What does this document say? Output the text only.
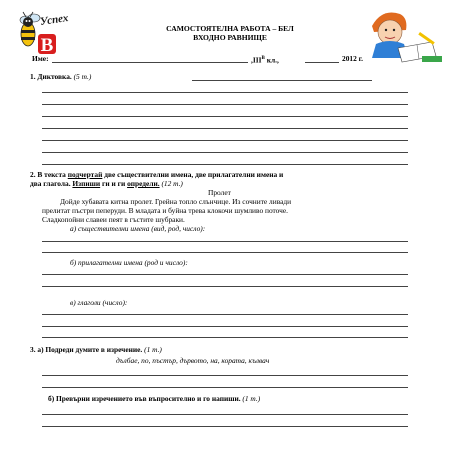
B
Успех
САМОСТОЯТЕЛНА РАБОТА – БЕЛ
ВХОДНО РАВНИЩЕ
Име:	$,III^В$ кл.,	2012 г.
1. Диктовка. (5 т.)
2. В текста подчертай две съществителни имена, две прилагателни имена и
два глагола. Изпиши ги и ги определи. (12 т.)
Пролет
Дойде хубавата китна пролет. Грейна топло слънчице. Из сочните ливади
прелитат пъстри пеперуди. В младата и буйна трева клокочи шумливо поточе.
Сладкопойни славеи пеят в гъстите шубраки.
а) съществителни имена (вид, род, число):
б) прилагателни имена (род и число):
в) глаголи (число):
3. а) Подреди думите в изречение. (1 т.)
дълбае, по, пъстър, дървото, на, кората, кълвач
б) Превърни изречението във въпросително и го напиши. (1 т.)
